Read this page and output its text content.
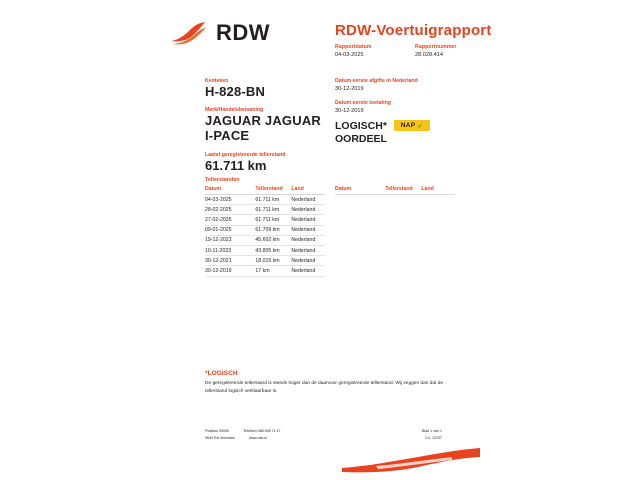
RDW	RDW-Voertuigrapport
Rapportdatum
04-03-2025
Rapportnummer
28.028.414
Kenteken

H-828-BN

Merk/Handelsbenaming

JAGUAR JAGUAR I-PACE

Laatst geregistreerde tellerstand

61.711 km

Datum eerste afgifte in Nederland
30-12-2019
Datum eerste toelating
30-12-2019
LOGISCH*
OORDEEL
NAP ✓
Tellerstanden
Datum	Tellerstand	Land
04-03-2025	61.711 km	Nederland
28-02-2025	61.711 km	Nederland
27-02-2025	61.711 km	Nederland
09-01-2025	61.709 km	Nederland
19-12-2023	45.602 km	Nederland
10-11-2023	43.805 km	Nederland
30-12-2021	18.015 km	Nederland
30-12-2019	17 km	Nederland
Datum	Tellerstand	Land
*LOGISCH
De geregistreerde tellerstand is steeds hoger dan de daarvoor geregistreerde tellerstand. Wij zeggen dan dat de tellerstand logisch verklaarbaar is.
Postbus 30000	Telefoon 088 008 74 47
9640 RA Veendam	www.rdw.nl
Blad 1 van 1
2.0, 13797
